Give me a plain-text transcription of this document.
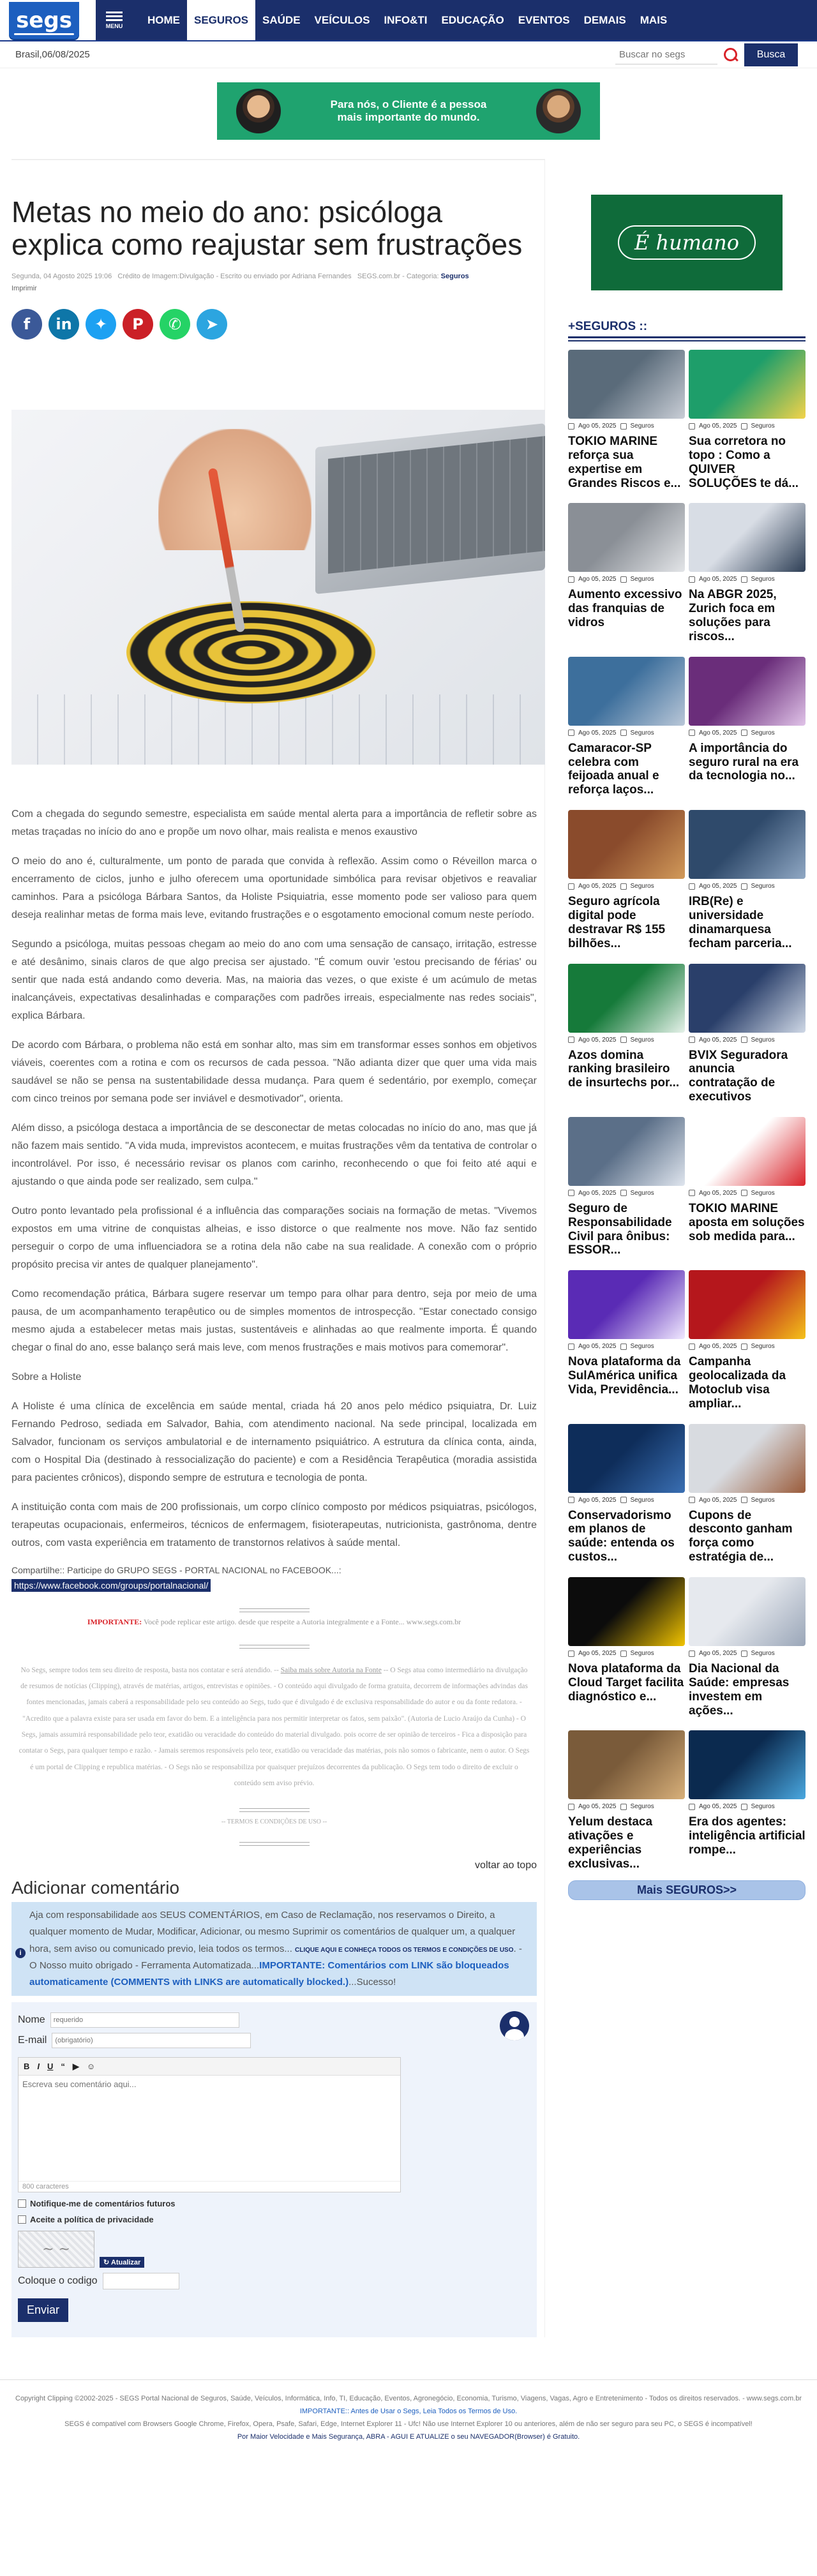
segs	MENU	HOME	SEGUROS	SAÚDE	VEÍCULOS	INFO&TI	EDUCAÇÃO	EVENTOS	DEMAIS	MAIS
Brasil,06/08/2025
Buscar no segs	Busca
Para nós, o Cliente é a pessoa
mais importante do mundo.
Metas no meio do ano: psicóloga explica como reajustar sem frustrações
Segunda, 04 Agosto 2025 19:06 Crédito de Imagem:Divulgação - Escrito ou enviado por Adriana Fernandes SEGS.com.br - Categoria: Seguros
Imprimir
f	in	✦	P	✆	➤

Com a chegada do segundo semestre, especialista em saúde mental alerta para a importância de refletir sobre as metas traçadas no início do ano e propõe um novo olhar, mais realista e menos exaustivo

O meio do ano é, culturalmente, um ponto de parada que convida à reflexão. Assim como o Réveillon marca o encerramento de ciclos, junho e julho oferecem uma oportunidade simbólica para revisar objetivos e reavaliar caminhos. Para a psicóloga Bárbara Santos, da Holiste Psiquiatria, esse momento pode ser valioso para quem deseja realinhar metas de forma mais leve, evitando frustrações e o esgotamento emocional comum neste período.

Segundo a psicóloga, muitas pessoas chegam ao meio do ano com uma sensação de cansaço, irritação, estresse e até desânimo, sinais claros de que algo precisa ser ajustado. "É comum ouvir 'estou precisando de férias' ou sentir que nada está andando como deveria. Mas, na maioria das vezes, o que existe é um acúmulo de metas inalcançáveis, expectativas desalinhadas e comparações com padrões irreais, especialmente nas redes sociais", explica Bárbara.

De acordo com Bárbara, o problema não está em sonhar alto, mas sim em transformar esses sonhos em objetivos viáveis, coerentes com a rotina e com os recursos de cada pessoa. "Não adianta dizer que quer uma vida mais saudável se não se pensa na sustentabilidade dessa mudança. Para quem é sedentário, por exemplo, começar com cinco treinos por semana pode ser inviável e desmotivador", orienta.

Além disso, a psicóloga destaca a importância de se desconectar de metas colocadas no início do ano, mas que já não fazem mais sentido. "A vida muda, imprevistos acontecem, e muitas frustrações vêm da tentativa de controlar o incontrolável. Por isso, é necessário revisar os planos com carinho, reconhecendo o que foi feito até aqui e ajustando o que ainda pode ser realizado, sem culpa."

Outro ponto levantado pela profissional é a influência das comparações sociais na formação de metas. "Vivemos expostos em uma vitrine de conquistas alheias, e isso distorce o que realmente nos move. Não faz sentido perseguir o corpo de uma influenciadora se a rotina dela não cabe na sua realidade. A conexão com o próprio propósito precisa vir antes de qualquer planejamento".

Como recomendação prática, Bárbara sugere reservar um tempo para olhar para dentro, seja por meio de uma pausa, de um acompanhamento terapêutico ou de simples momentos de introspecção. "Estar conectado consigo mesmo ajuda a estabelecer metas mais justas, sustentáveis e alinhadas ao que realmente importa. É quando chegar o final do ano, esse balanço será mais leve, com menos frustrações e mais motivos para comemorar".

Sobre a Holiste

A Holiste é uma clínica de excelência em saúde mental, criada há 20 anos pelo médico psiquiatra, Dr. Luiz Fernando Pedroso, sediada em Salvador, Bahia, com atendimento nacional. Na sede principal, localizada em Salvador, funcionam os serviços ambulatorial e de internamento psiquiátrico. A estrutura da clínica conta, ainda, com o Hospital Dia (destinado à ressocialização do paciente) e com a Residência Terapêutica (moradia assistida para pacientes crônicos), dispondo sempre de estrutura e tecnologia de ponta.

A instituição conta com mais de 200 profissionais, um corpo clínico composto por médicos psiquiatras, psicólogos, terapeutas ocupacionais, enfermeiros, técnicos de enfermagem, fisioterapeutas, nutricionista, gastrônoma, dentre outros, com vasta experiência em tratamento de transtornos relativos à saúde mental.

Compartilhe:: Participe do GRUPO SEGS - PORTAL NACIONAL no FACEBOOK...:
https://www.facebook.com/groups/portalnacional/
IMPORTANTE: Você pode replicar este artigo. desde que respeite a Autoria integralmente e a Fonte... www.segs.com.br
No Segs, sempre todos tem seu direito de resposta, basta nos contatar e será atendido. -- Saiba mais sobre Autoria na Fonte -- O Segs atua como intermediário na divulgação de resumos de notícias (Clipping), através de matérias, artigos, entrevistas e opiniões. - O conteúdo aqui divulgado de forma gratuita, decorrem de informações advindas das fontes mencionadas, jamais caberá a responsabilidade pelo seu conteúdo ao Segs, tudo que é divulgado é de exclusiva responsabilidade do autor e ou da fonte redatora. - "Acredito que a palavra existe para ser usada em favor do bem. E a inteligência para nos permitir interpretar os fatos, sem paixão". (Autoria de Lucio Araújo da Cunha) - O Segs, jamais assumirá responsabilidade pelo teor, exatidão ou veracidade do conteúdo do material divulgado. pois ocorre de ser opinião de terceiros - Fica a disposição para contatar o Segs, para qualquer tempo e razão. - Jamais seremos responsáveis pelo teor, exatidão ou veracidade das matérias, pois não somos o fabricante, nem o autor. O Segs é um portal de Clipping e republica matérias. - O Segs não se responsabiliza por quaisquer prejuízos decorrentes da publicação. O Segs tem todo o direito de excluir o conteúdo sem aviso prévio.
-- TERMOS E CONDIÇÕES DE USO --
voltar ao topo
Adicionar comentário
i
Aja com responsabilidade aos SEUS COMENTÁRIOS, em Caso de Reclamação, nos reservamos o Direito, a qualquer momento de Mudar, Modificar, Adicionar, ou mesmo Suprimir os comentários de qualquer um, a qualquer hora, sem aviso ou comunicado previo, leia todos os termos... CLIQUE AQUI E CONHEÇA TODOS OS TERMOS E CONDIÇÕES DE USO. - O Nosso muito obrigado - Ferramenta Automatizada...IMPORTANTE: Comentários com LINK são bloqueados automaticamente (COMMENTS with LINKS are automatically blocked.)...Sucesso!
Nome
requerido
E-mail
(obrigatório)
B I U “ ▶ ☺
Escreva seu comentário aqui...
800 caracteres
Notifique-me de comentários futuros
Aceite a política de privacidade
~ ~
↻ Atualizar
Coloque o codigo
Enviar
É humano
+SEGUROS ::
Ago 05, 2025 Seguros
TOKIO MARINE reforça sua expertise em Grandes Riscos e...
Ago 05, 2025 Seguros
Sua corretora no topo : Como a QUIVER SOLUÇÕES te dá...
Ago 05, 2025 Seguros
Aumento excessivo das franquias de vidros
Ago 05, 2025 Seguros
Na ABGR 2025, Zurich foca em soluções para riscos...
Ago 05, 2025 Seguros
Camaracor-SP celebra com feijoada anual e reforça laços...
Ago 05, 2025 Seguros
A importância do seguro rural na era da tecnologia no...
Ago 05, 2025 Seguros
Seguro agrícola digital pode destravar R$ 155 bilhões...
Ago 05, 2025 Seguros
IRB(Re) e universidade dinamarquesa fecham parceria...
Ago 05, 2025 Seguros
Azos domina ranking brasileiro de insurtechs por...
Ago 05, 2025 Seguros
BVIX Seguradora anuncia contratação de executivos
Ago 05, 2025 Seguros
Seguro de Responsabilidade Civil para ônibus: ESSOR...
Ago 05, 2025 Seguros
TOKIO MARINE aposta em soluções sob medida para...
Ago 05, 2025 Seguros
Nova plataforma da SulAmérica unifica Vida, Previdência...
Ago 05, 2025 Seguros
Campanha geolocalizada da Motoclub visa ampliar...
Ago 05, 2025 Seguros
Conservadorismo em planos de saúde: entenda os custos...
Ago 05, 2025 Seguros
Cupons de desconto ganham força como estratégia de...
Ago 05, 2025 Seguros
Nova plataforma da Cloud Target facilita diagnóstico e...
Ago 05, 2025 Seguros
Dia Nacional da Saúde: empresas investem em ações...
Ago 05, 2025 Seguros
Yelum destaca ativações e experiências exclusivas...
Ago 05, 2025 Seguros
Era dos agentes: inteligência artificial rompe...
Mais SEGUROS>>
Copyright Clipping ©2002-2025 - SEGS Portal Nacional de Seguros, Saúde, Veículos, Informática, Info, TI, Educação, Eventos, Agronegócio, Economia, Turismo, Viagens, Vagas, Agro e Entretenimento - Todos os direitos reservados. - www.segs.com.br
IMPORTANTE:: Antes de Usar o Segs, Leia Todos os Termos de Uso.
SEGS é compatível com Browsers Google Chrome, Firefox, Opera, Psafe, Safari, Edge, Internet Explorer 11 - Ufc! Não use Internet Explorer 10 ou anteriores, além de não ser seguro para seu PC, o SEGS é incompatível!
Por Maior Velocidade e Mais Segurança, ABRA - AGUI E ATUALIZE o seu NAVEGADOR(Browser) é Gratuito.
